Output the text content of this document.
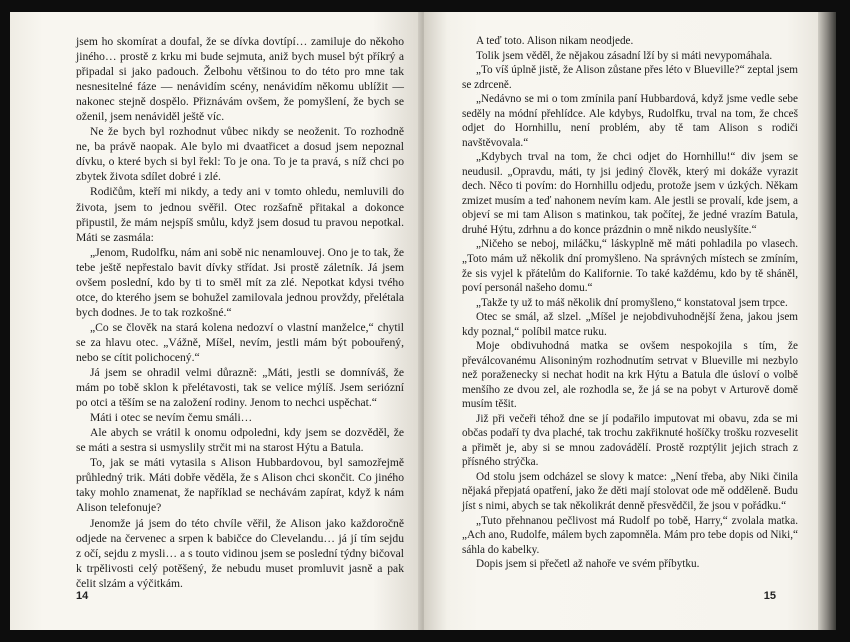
jsem ho skomírat a doufal, že se dívka dovtípí… zamiluje do někoho jiného… prostě z krku mi bude sejmuta, aniž bych musel být příkrý a připadal si jako padouch. Želbohu většinou to do této pro mne tak nesnesitelné fáze — nenávidím scény, nenávidím někomu ublížit — nakonec stejně dospělo. Přiznávám ovšem, že pomyšlení, že bych se oženil, jsem nenáviděl ještě víc.

Ne že bych byl rozhodnut vůbec nikdy se neoženit. To rozhodně ne, ba právě naopak. Ale bylo mi dvaatřicet a dosud jsem nepoznal dívku, o které bych si byl řekl: To je ona. To je ta pravá, s níž chci po zbytek života sdílet dobré i zlé.

Rodičům, kteří mi nikdy, a tedy ani v tomto ohledu, nemluvili do života, jsem to jednou svěřil. Otec rozšafně přitakal a dokonce připustil, že mám nejspíš smůlu, když jsem dosud tu pravou nepotkal. Máti se zasmála:

„Jenom, Rudolfku, nám ani sobě nic nenamlouvej. Ono je to tak, že tebe ještě nepřestalo bavit dívky střídat. Jsi prostě záletník. Já jsem ovšem poslední, kdo by ti to směl mít za zlé. Nepotkat kdysi tvého otce, do kterého jsem se bohužel zamilovala jednou provždy, přelétala bych dodnes. Je to tak rozkošné.“

„Co se člověk na stará kolena nedozví o vlastní manželce,“ chytil se za hlavu otec. „Vážně, Míšel, nevím, jestli mám být pobouřený, nebo se cítit polichocený.“

Já jsem se ohradil velmi důrazně: „Máti, jestli se domníváš, že mám po tobě sklon k přelétavosti, tak se velice mýlíš. Jsem seriózní po otci a těším se na založení rodiny. Jenom to nechci uspěchat.“

Máti i otec se nevím čemu smáli…

Ale abych se vrátil k onomu odpoledni, kdy jsem se dozvěděl, že se máti a sestra si usmyslily strčit mi na starost Hýtu a Batula.

To, jak se máti vytasila s Alison Hubbardovou, byl samozřejmě průhledný trik. Máti dobře věděla, že s Alison chci skončit. Co jiného taky mohlo znamenat, že například se nechávám zapírat, když k nám Alison telefonuje?

Jenomže já jsem do této chvíle věřil, že Alison jako každoročně odjede na červenec a srpen k babičce do Clevelandu… já jí tím sejdu z očí, sejdu z mysli… a s touto vidinou jsem se poslední týdny bičoval k trpělivosti celý potěšený, že nebudu muset promluvit jasně a pak čelit slzám a výčitkám.

14

A teď toto. Alison nikam neodjede.

Tolik jsem věděl, že nějakou zásadní lží by si máti nevypomáhala.

„To víš úplně jistě, že Alison zůstane přes léto v Blueville?“ zeptal jsem se zdrceně.

„Nedávno se mi o tom zmínila paní Hubbardová, když jsme vedle sebe seděly na módní přehlídce. Ale kdybys, Rudolfku, trval na tom, že chceš odjet do Hornhillu, není problém, aby tě tam Alison s rodiči navštěvovala.“

„Kdybych trval na tom, že chci odjet do Hornhillu!“ div jsem se neudusil. „Opravdu, máti, ty jsi jediný člověk, který mi dokáže vyrazit dech. Něco ti povím: do Hornhillu odjedu, protože jsem v úzkých. Někam zmizet musím a teď nahonem nevím kam. Ale jestli se provalí, kde jsem, a objeví se mi tam Alison s matinkou, tak počítej, že jedné vrazím Batula, druhé Hýtu, zdrhnu a do konce prázdnin o mně nikdo neuslyšíte.“

„Ničeho se neboj, miláčku,“ láskyplně mě máti pohladila po vlasech. „Toto mám už několik dní promyšleno. Na správných místech se zmíním, že sis vyjel k přátelům do Kalifornie. To také každému, kdo by tě sháněl, poví personál našeho domu.“

„Takže ty už to máš několik dní promyšleno,“ konstatoval jsem trpce.

Otec se smál, až slzel. „Míšel je nejobdivuhodnější žena, jakou jsem kdy poznal,“ políbil matce ruku.

Moje obdivuhodná matka se ovšem nespokojila s tím, že převálcovanému Alisoniným rozhodnutím setrvat v Blueville mi nezbylo než poraženecky si nechat hodit na krk Hýtu a Batula dle úsloví o volbě menšího ze dvou zel, ale rozhodla se, že já se na pobyt v Arturově domě musím těšit.

Již při večeři téhož dne se jí podařilo imputovat mi obavu, zda se mi občas podaří ty dva plaché, tak trochu zakřiknuté hošíčky trošku rozveselit a přimět je, aby si se mnou zadovádělí. Prostě rozptýlit jejich strach z přísného strýčka.

Od stolu jsem odcházel se slovy k matce: „Není třeba, aby Niki činila nějaká přepjatá opatření, jako že děti mají stolovat ode mě odděleně. Budu jíst s nimi, abych se tak několikrát denně přesvědčil, že jsou v pořádku.“

„Tuto přehnanou pečlivost má Rudolf po tobě, Harry,“ zvolala matka. „Ach ano, Rudolfe, málem bych zapomněla. Mám pro tebe dopis od Niki,“ sáhla do kabelky.

Dopis jsem si přečetl až nahoře ve svém příbytku.

15
